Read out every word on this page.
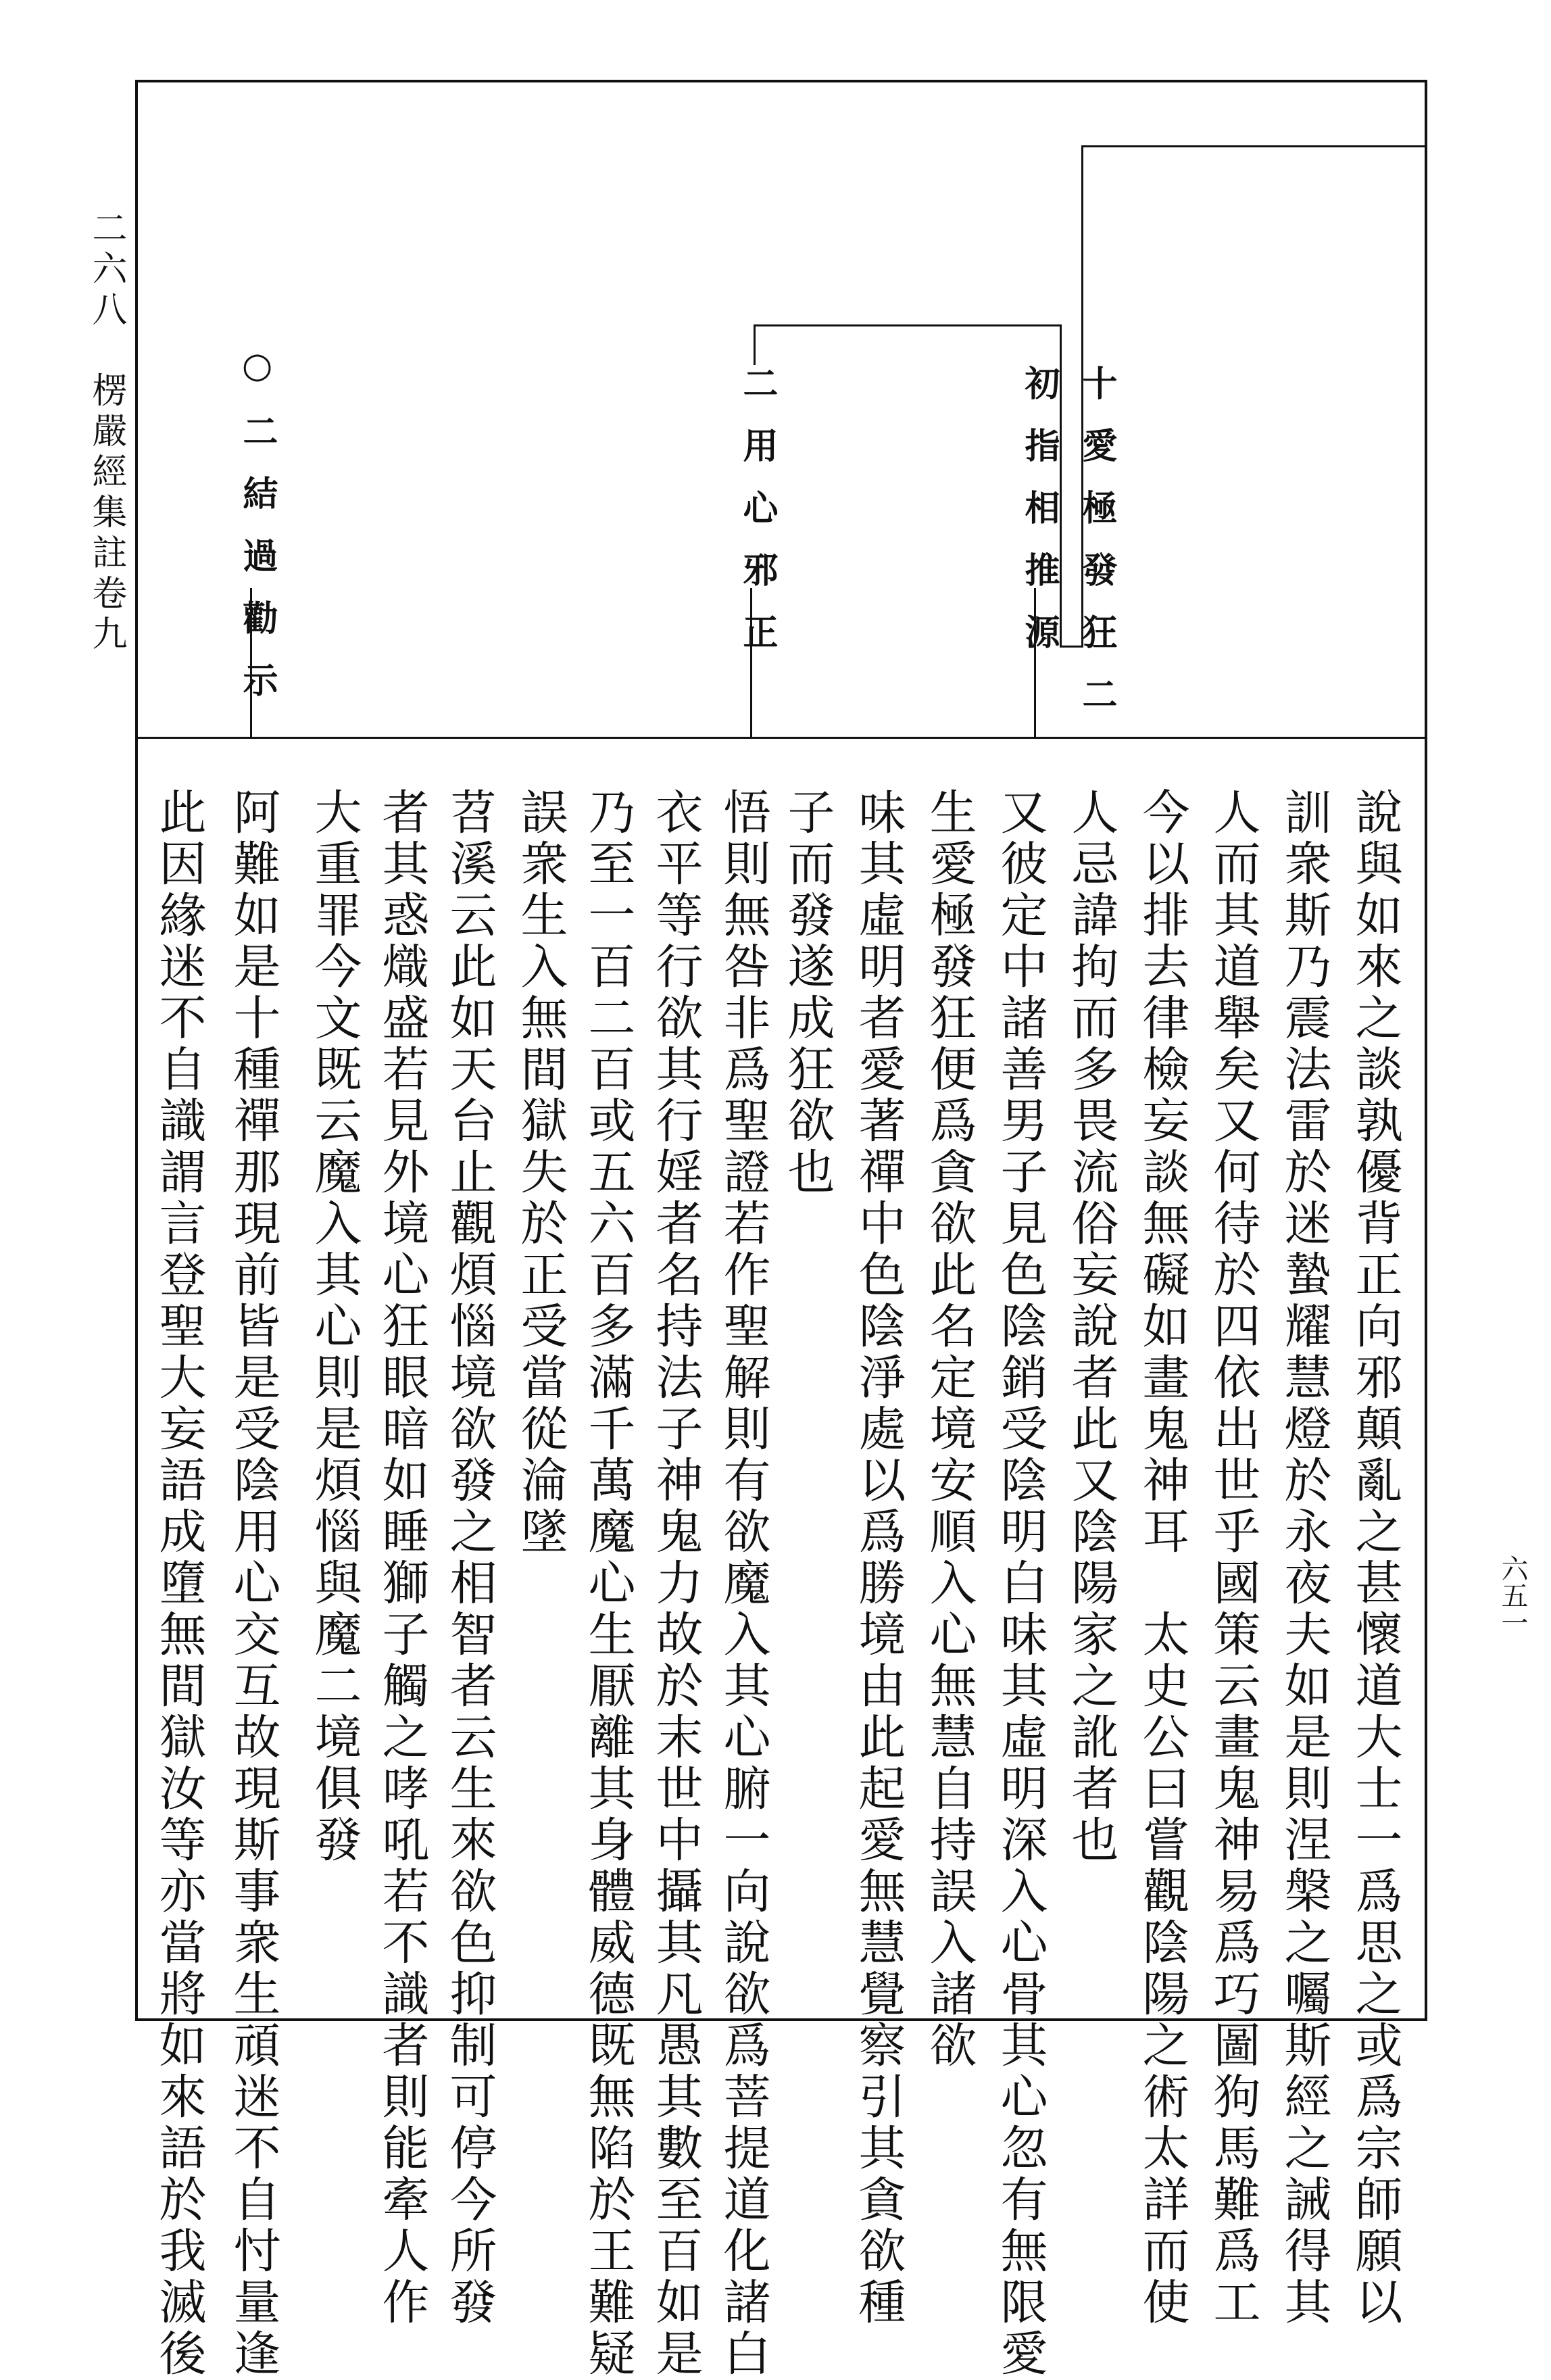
二六八　楞嚴經集註卷九
六五一
十愛極發狂二
初指相推源
二用心邪正
○二結過勸示
說與如來之談孰優背正向邪顛亂之甚懷道大士一爲思之或爲宗師願以
訓衆斯乃震法雷於迷蟄耀慧燈於永夜夫如是則涅槃之囑斯經之誡得其
人而其道舉矣又何待於四依出世乎國策云畫鬼神易爲巧圖狗馬難爲工
今以排去律檢妄談無礙如畫鬼神耳　太史公曰嘗觀陰陽之術太詳而使
人忌諱拘而多畏流俗妄說者此又陰陽家之訛者也
又彼定中諸善男子見色陰銷受陰明白味其虛明深入心骨其心忽有無限愛
生愛極發狂便爲貪欲此名定境安順入心無慧自持誤入諸欲
味其虛明者愛著禪中色陰淨處以爲勝境由此起愛無慧覺察引其貪欲種
子而發遂成狂欲也
悟則無咎非爲聖證若作聖解則有欲魔入其心腑一向說欲爲菩提道化諸白
衣平等行欲其行婬者名持法子神鬼力故於末世中攝其凡愚其數至百如是
乃至一百二百或五六百多滿千萬魔心生厭離其身體威德既無陷於王難疑
誤衆生入無間獄失於正受當從淪墜
苕溪云此如天台止觀煩惱境欲發之相智者云生來欲色抑制可停今所發
者其惑熾盛若見外境心狂眼暗如睡獅子觸之哮吼若不識者則能牽人作
大重罪今文既云魔入其心則是煩惱與魔二境俱發
阿難如是十種禪那現前皆是受陰用心交互故現斯事衆生頑迷不自忖量逢
此因緣迷不自識謂言登聖大妄語成墮無間獄汝等亦當將如來語於我滅後
